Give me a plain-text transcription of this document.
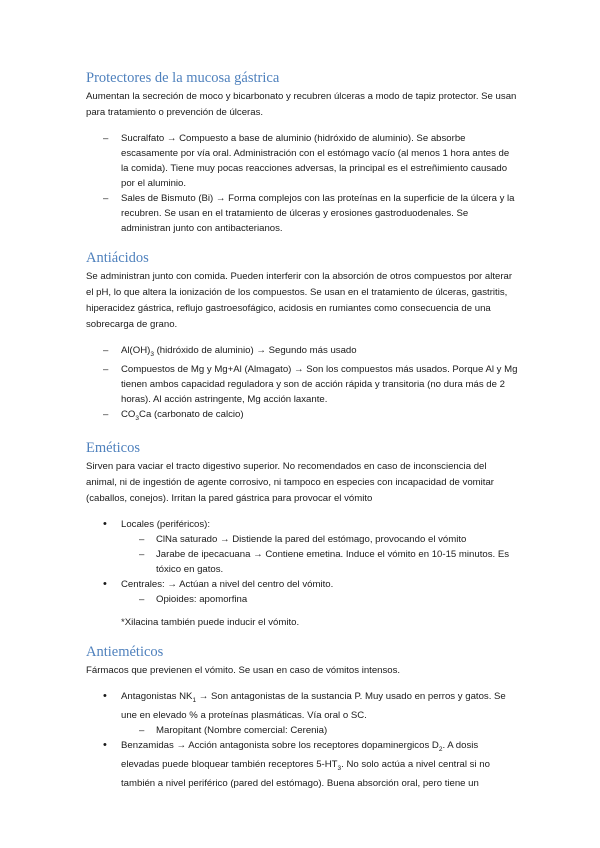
Protectores de la mucosa gástrica

Aumentan la secreción de moco y bicarbonato y recubren úlceras a modo de tapiz protector. Se usan para tratamiento o prevención de úlceras.

– Sucralfato → Compuesto a base de aluminio (hidróxido de aluminio). Se absorbe escasamente por vía oral. Administración con el estómago vacío (al menos 1 hora antes de la comida). Tiene muy pocas reacciones adversas, la principal es el estreñimiento causado por el aluminio.
– Sales de Bismuto (Bi) → Forma complejos con las proteínas en la superficie de la úlcera y la recubren. Se usan en el tratamiento de úlceras y erosiones gastroduodenales. Se administran junto con antibacterianos.
Antiácidos

Se administran junto con comida. Pueden interferir con la absorción de otros compuestos por alterar el pH, lo que altera la ionización de los compuestos. Se usan en el tratamiento de úlceras, gastritis, hiperacidez gástrica, reflujo gastroesofágico, acidosis en rumiantes como consecuencia de una sobrecarga de grano.

– $Al(OH)_3$ (hidróxido de aluminio) → Segundo más usado
– Compuestos de Mg y Mg+Al (Almagato) → Son los compuestos más usados. Porque Al y Mg tienen ambos capacidad reguladora y son de acción rápida y transitoria (no dura más de 2 horas). Al acción astringente, Mg acción laxante.
– $CO_3Ca$ (carbonato de calcio)
Eméticos

Sirven para vaciar el tracto digestivo superior. No recomendados en caso de inconsciencia del animal, ni de ingestión de agente corrosivo, ni tampoco en especies con incapacidad de vomitar (caballos, conejos). Irritan la pared gástrica para provocar el vómito

• Locales (periféricos):
– ClNa saturado → Distiende la pared del estómago, provocando el vómito
– Jarabe de ipecacuana → Contiene emetina. Induce el vómito en 10-15 minutos. Es tóxico en gatos.
• Centrales: → Actúan a nivel del centro del vómito.
– Opioides: apomorfina
*Xilacina también puede inducir el vómito.
Antieméticos

Fármacos que previenen el vómito. Se usan en caso de vómitos intensos.

• Antagonistas $NK_1$ → Son antagonistas de la sustancia P. Muy usado en perros y gatos. Se une en elevado % a proteínas plasmáticas. Vía oral o SC.
– Maropitant (Nombre comercial: Cerenia)
• Benzamidas → Acción antagonista sobre los receptores dopaminergicos $D_2$. A dosis elevadas puede bloquear también receptores $5-HT_3$. No solo actúa a nivel central si no también a nivel periférico (pared del estómago). Buena absorción oral, pero tiene un
